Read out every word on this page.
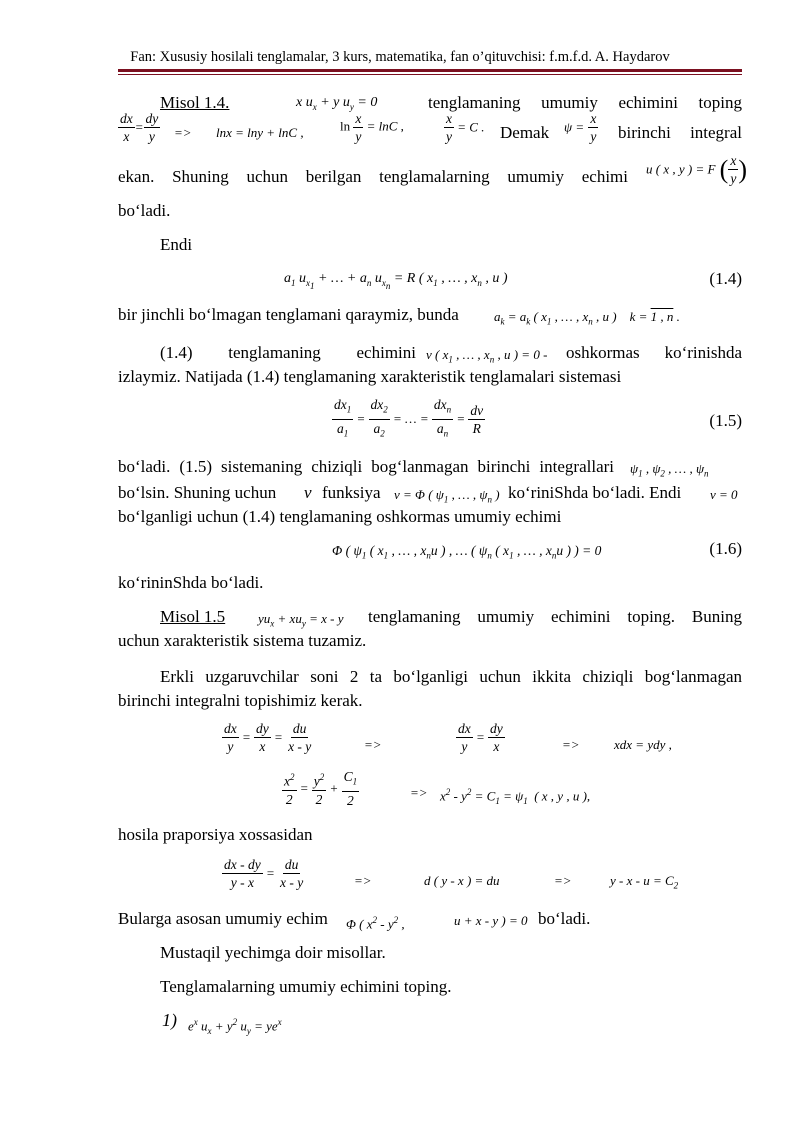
Fan: Xususiy hosilali tenglamalar, 3 kurs, matematika, fan o’qituvchisi: f.m.f.d. A. Haydarov
Misol 1.4.	x $u_x + y$ $u_y = 0$	tenglamaning umumiy echimini toping
$\frac{dx}{x} = \frac{dy}{y} => \ln x = \ln y + \ln C$ ,	$\ln \frac{x}{y} = \ln C$ ,	$\frac{x}{y} = C$ . Demak $\psi = \frac{x}{y}$ birinchi integral
ekan. Shuning uchun berilgan tenglamalarning umumiy echimi u ( x , y ) = F ( $\frac{x}{y}$ )
bo‘ladi.
Endi
$a_1$ $u_{x_1}$ + … + $a_n$ $u_{x_n} = R$ ( $x_1$ , … , $x_n$ , u )	(1.4)
bir jinchli bo‘lmagan tenglamani qaraymiz, bunda	$a_k = a_k$ ( $x_1$ , … , $x_n$ , u )    k = 1 , n .
(1.4) tenglamaning echimini v ( $x_1$ , … , $x_n$ , u ) = 0 - oshkormas ko‘rinishda
izlaymiz. Natijada (1.4) tenglamaning xarakteristik tenglamalari sistemasi
$\frac{dx_1}{a_1} = \frac{dx_2}{a_2}$ = … = $\frac{dx_n}{a_n} = \frac{dv}{R}$	(1.5)
bo‘ladi. (1.5) sistemaning chiziqli bog‘lanmagan birinchi integrallari $\psi_1$ , $\psi_2$ , … , $\psi_n$
bo‘lsin. Shuning uchun v funksiya v = Φ ( $\psi_1$ , … , $\psi_n$ ) ko‘riniShda bo‘ladi. Endi v = 0
bo‘lganligi uchun (1.4) tenglamaning oshkormas umumiy echimi
Φ ( $\psi_1$ ( $x_1$ , … , $x_nu$ ) , … ( $\psi_n$ ( $x_1$ , … , $x_nu$ ) ) = 0	(1.6)
ko‘rininShda bo‘ladi.
Misol 1.5	$yu_x + xu_y = x - y$ tenglamaning umumiy echimini toping. Buning
uchun xarakteristik sistema tuzamiz.
Erkli uzgaruvchilar soni 2 ta bo‘lganligi uchun ikkita chiziqli bog‘lanmagan
birinchi integralni topishimiz kerak.
$\frac{dx}{y} = \frac{dy}{x} = \frac{du}{x - y}$	=>	$\frac{dx}{y} = \frac{dy}{x}$	=>	xdx = ydy ,
$\frac{x^2}{2} = \frac{y^2}{2} + \frac{C_1}{2}$	=> $x^2 - y^2 = C_1 = \psi_1$  ( x , y , u ),
hosila praporsiya xossasidan
$\frac{dx - dy}{y - x} = \frac{du}{x - y}$	=>	d ( y - x ) = du	=>	$y - x - u = C_2$
Bularga asosan umumiy echim Φ ( $x^2 - y^2$ ,	u + x - y ) = 0 bo‘ladi.
Mustaqil yechimga doir misollar.
Tenglamalarning umumiy echimini toping.
1) $e^x$ $u_x + y^2$ $u_y = ye^x$
